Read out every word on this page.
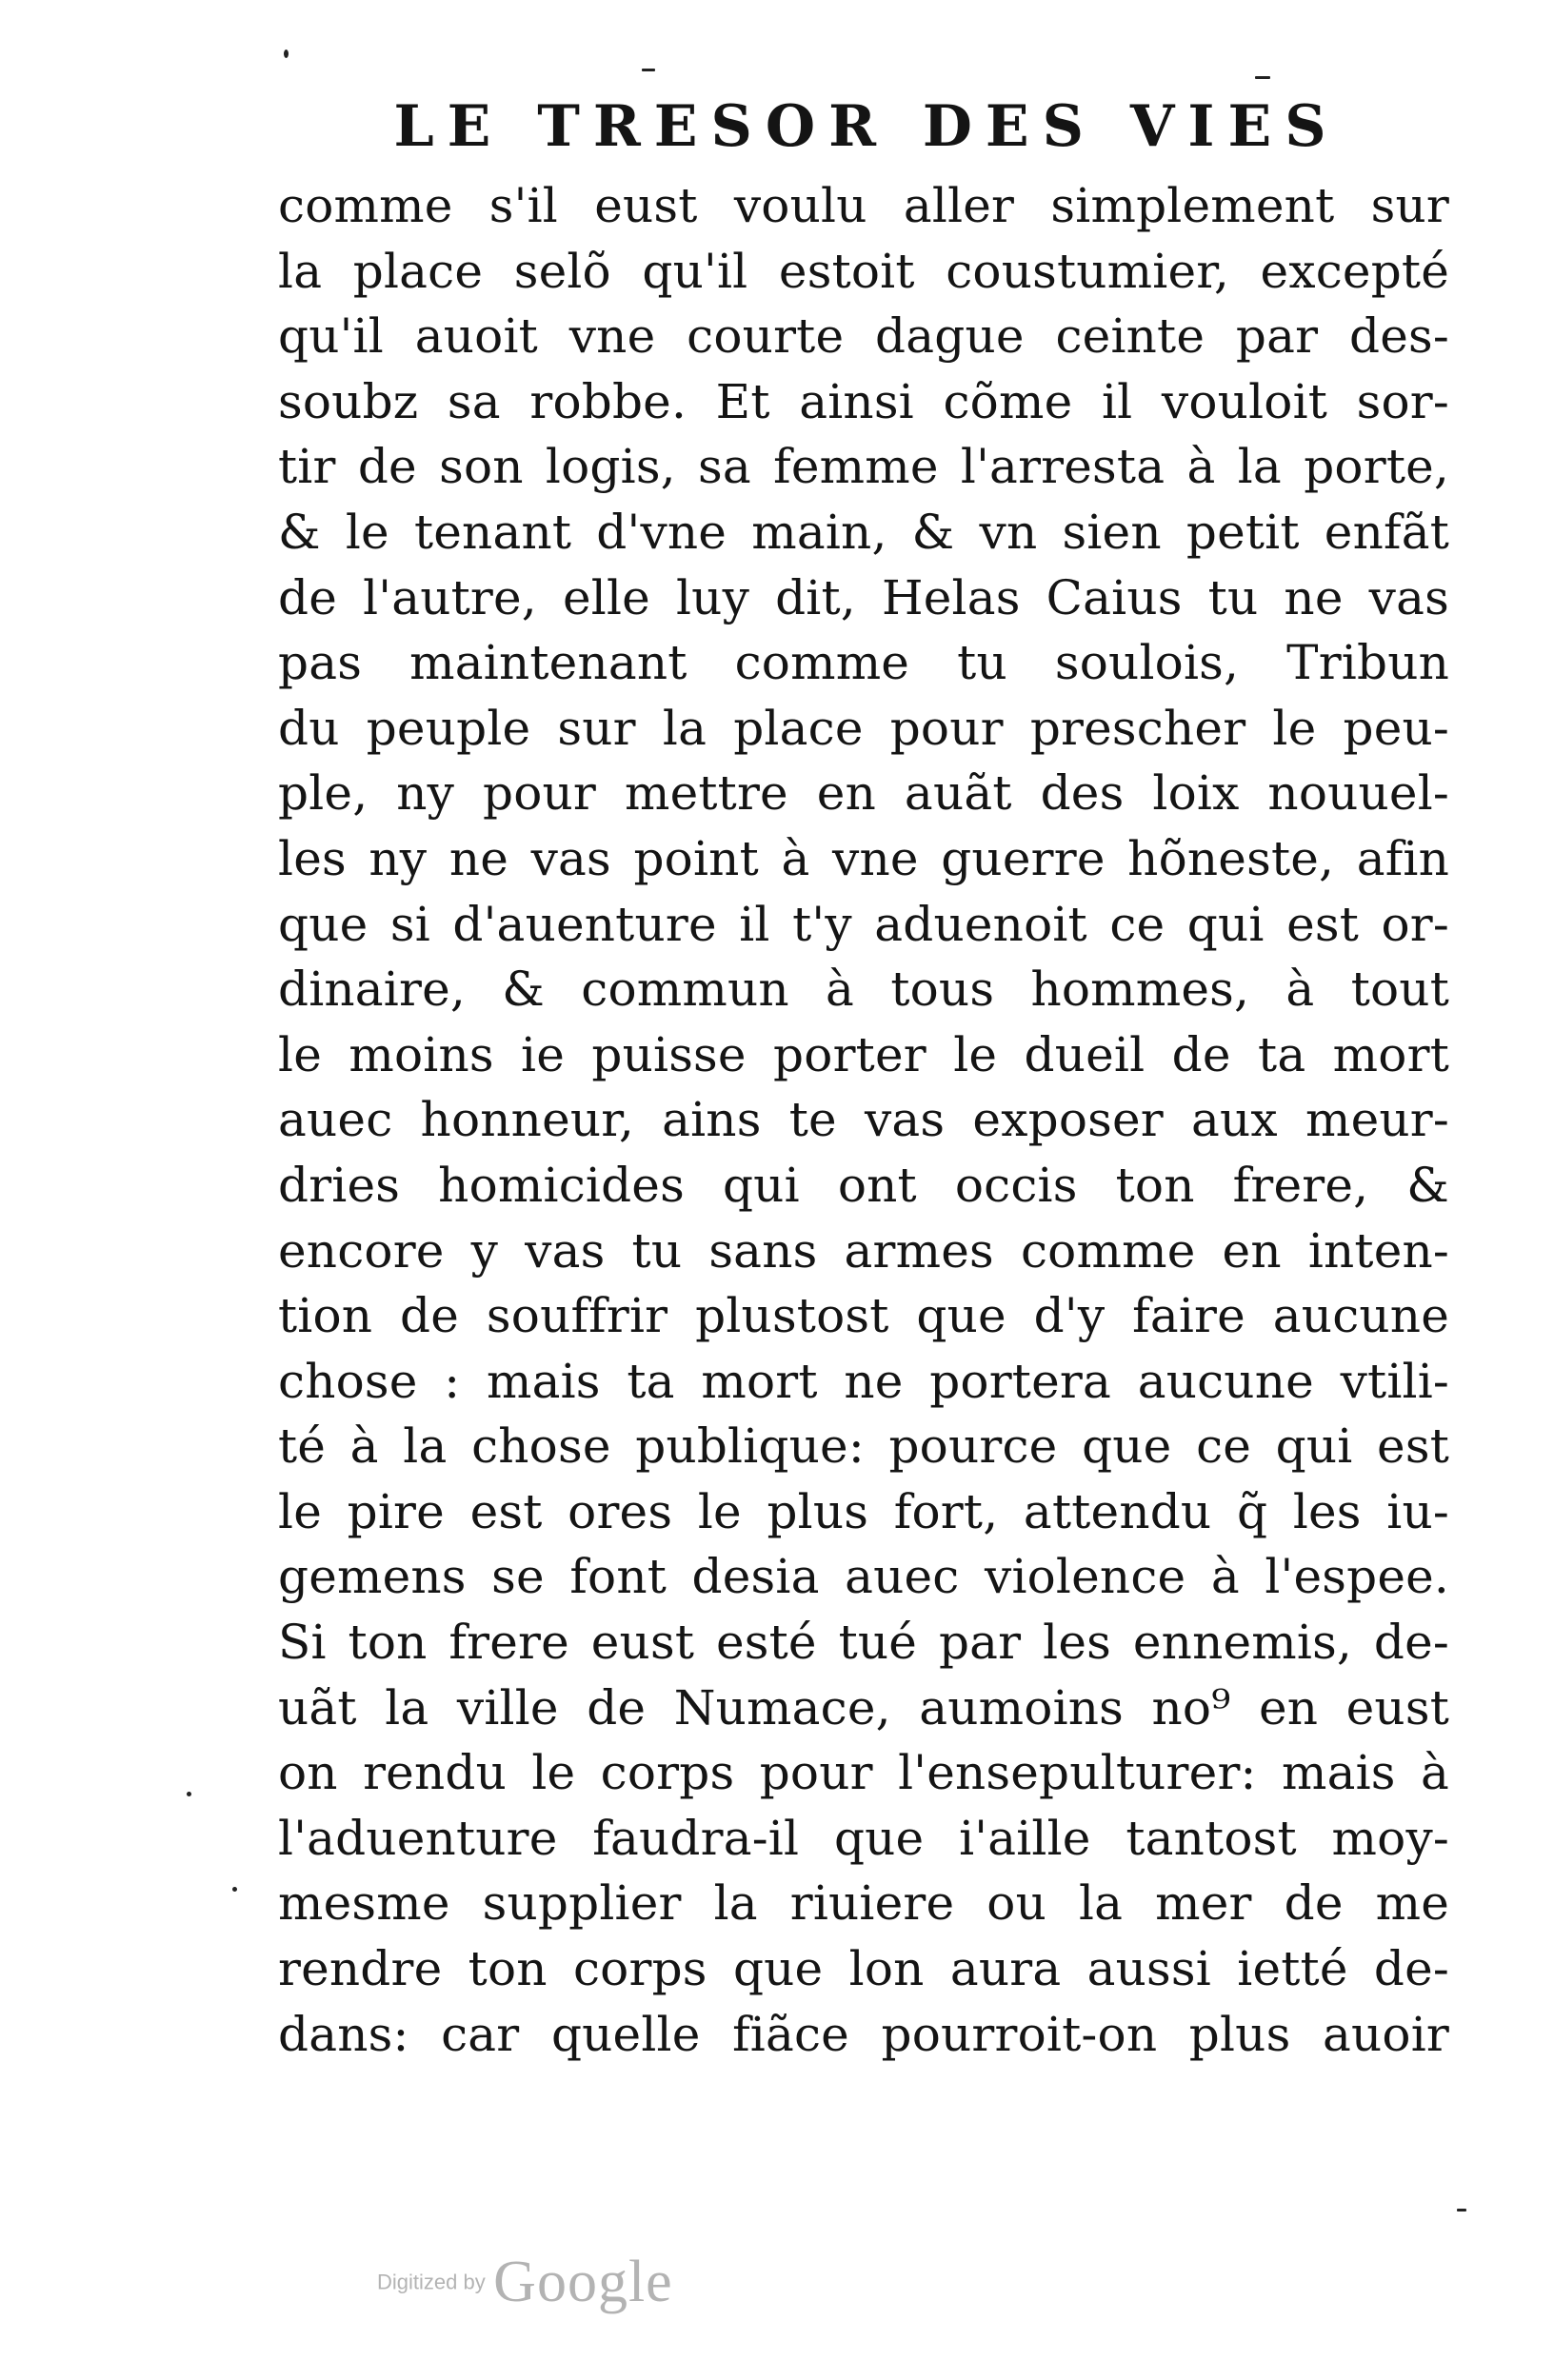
LE TRESOR DES VIES
comme s'il eust voulu aller simplement sur
la place selõ qu'il estoit coustumier, excepté
qu'il auoit vne courte dague ceinte par des-
soubz sa robbe. Et ainsi cõme il vouloit sor-
tir de son logis, sa femme l'arresta à la porte,
& le tenant d'vne main, & vn sien petit enfãt
de l'autre, elle luy dit, Helas Caius tu ne vas
pas maintenant comme tu soulois, Tribun
du peuple sur la place pour prescher le peu-
ple, ny pour mettre en auãt des loix nouuel-
les ny ne vas point à vne guerre hõneste, afin
que si d'auenture il t'y aduenoit ce qui est or-
dinaire, & commun à tous hommes, à tout
le moins ie puisse porter le dueil de ta mort
auec honneur, ains te vas exposer aux meur-
dries homicides qui ont occis ton frere, &
encore y vas tu sans armes comme en inten-
tion de souffrir plustost que d'y faire aucune
chose : mais ta mort ne portera aucune vtili-
té à la chose publique: pource que ce qui est
le pire est ores le plus fort, attendu q̃ les iu-
gemens se font desia auec violence à l'espee.
Si ton frere eust esté tué par les ennemis, de-
uãt la ville de Numace, aumoins no⁹ en eust
on rendu le corps pour l'ensepulturer: mais à
l'aduenture faudra-il que i'aille tantost moy-
mesme supplier la riuiere ou la mer de me
rendre ton corps que lon aura aussi ietté de-
dans: car quelle fiãce pourroit-on plus auoir
Digitized by Google
